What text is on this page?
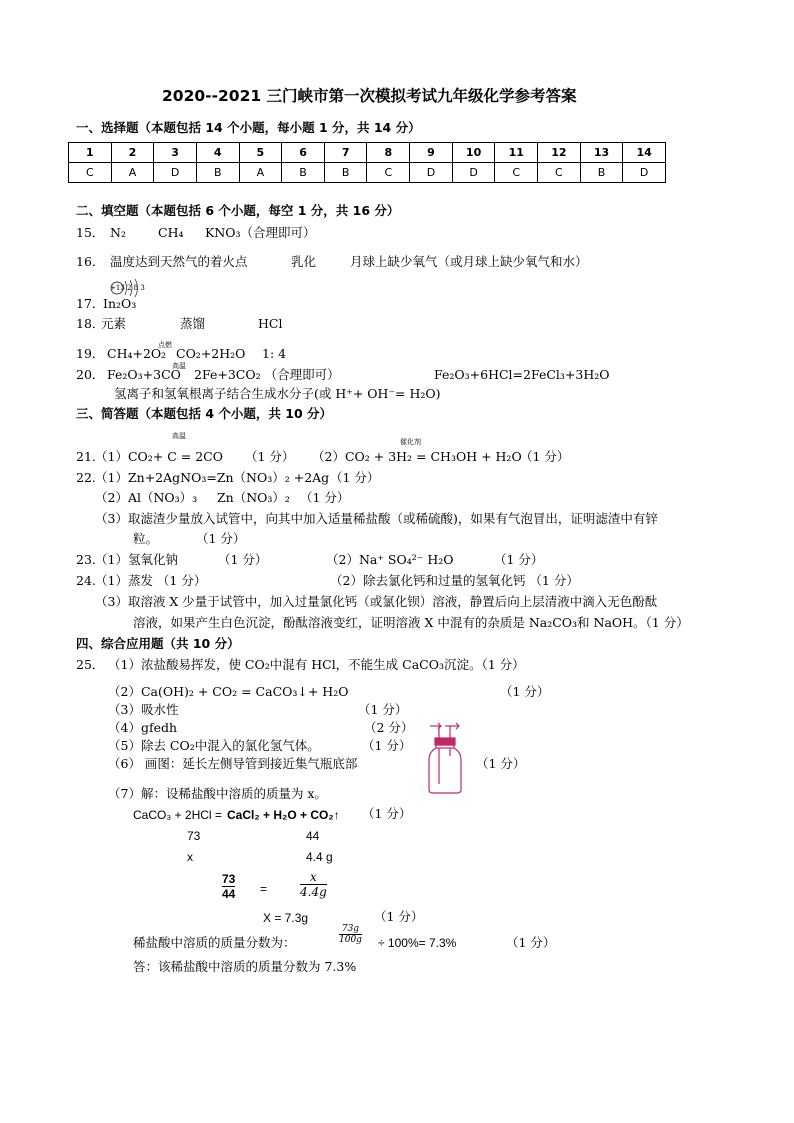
2020--2021 三门峡市第一次模拟考试九年级化学参考答案
一、选择题（本题包括 14 个小题，每小题 1 分，共 14 分）
1	2	3	4	5	6	7	8	9	10	11	12	13	14
C	A	D	B	A	B	B	C	D	D	C	C	B	D
二、填空题（本题包括 6 个小题，每空 1 分，共 16 分）
15． N₂	CH₄ KNO₃（合理即可）
16． 温度达到天然气的着火点	乳化	月球上缺少氧气（或月球上缺少氧气和水）
+13 2 8 3
17．
In₂O₃
18．
元素	蒸馏	HCl
19． CH₄+2O₂
点燃
CO₂+2H₂O 1: 4
20． Fe₂O₃+3CO
高温
2Fe+3CO₂ （合理即可）	Fe₂O₃+6HCl=2FeCl₃+3H₂O
氢离子和氢氧根离子结合生成水分子(或 H⁺+ OH⁻= H₂O)
三、简答题（本题包括 4 个小题，共 10 分）
高温
催化剂
21. （1）CO₂+ C = 2CO （1 分） （2）CO₂ + 3H₂ = CH₃OH + H₂O
（1 分）
22. （1）Zn+2AgNO₃=Zn（NO₃）₂ +2Ag （1 分）
（2）Al（NO₃）₃ Zn（NO₃）₂ （1 分）
（3）取滤渣少量放入试管中，向其中加入适量稀盐酸（或稀硫酸)，如果有气泡冒出，证明滤渣中有锌
粒。	（1 分）
23. （1）氢氧化钠	（1 分）	（2）Na⁺ SO₄²⁻ H₂O	（1 分）
24. （1）蒸发 （1 分）	（2）除去氯化钙和过量的氢氧化钙 （1 分）
（3）取溶液 X 少量于试管中，加入过量氯化钙（或氯化钡）溶液，静置后向上层清液中滴入无色酚酞
溶液，如果产生白色沉淀，酚酞溶液变红，证明溶液 X 中混有的杂质是 Na₂CO₃和 NaOH。（1 分）
四、综合应用题（共 10 分）
25． （1）浓盐酸易挥发，使 CO₂中混有 HCl，不能生成 CaCO₃沉淀。（1 分）
（2）Ca(OH)₂ + CO₂ = CaCO₃↓+ H₂O	（1 分）
（3）吸水性	（1 分）
（4）gfedh	（2 分）
（5）除去 CO₂中混入的氯化氢气体。	（1 分）
（6） 画图：延长左侧导管到接近集气瓶底部	（1 分）
（7）解：设稀盐酸中溶质的质量为 x。
CaCO₃ + 2HCl = CaCl₂ + H₂O + CO₂↑ （1 分）
73	44
x	4.4 g
73
44 =
x
4.4g
X = 7.3g	（1 分）
稀盐酸中溶质的质量分数为：
73g
100g ÷ 100%= 7.3%	（1 分）
答：该稀盐酸中溶质的质量分数为 7.3%
